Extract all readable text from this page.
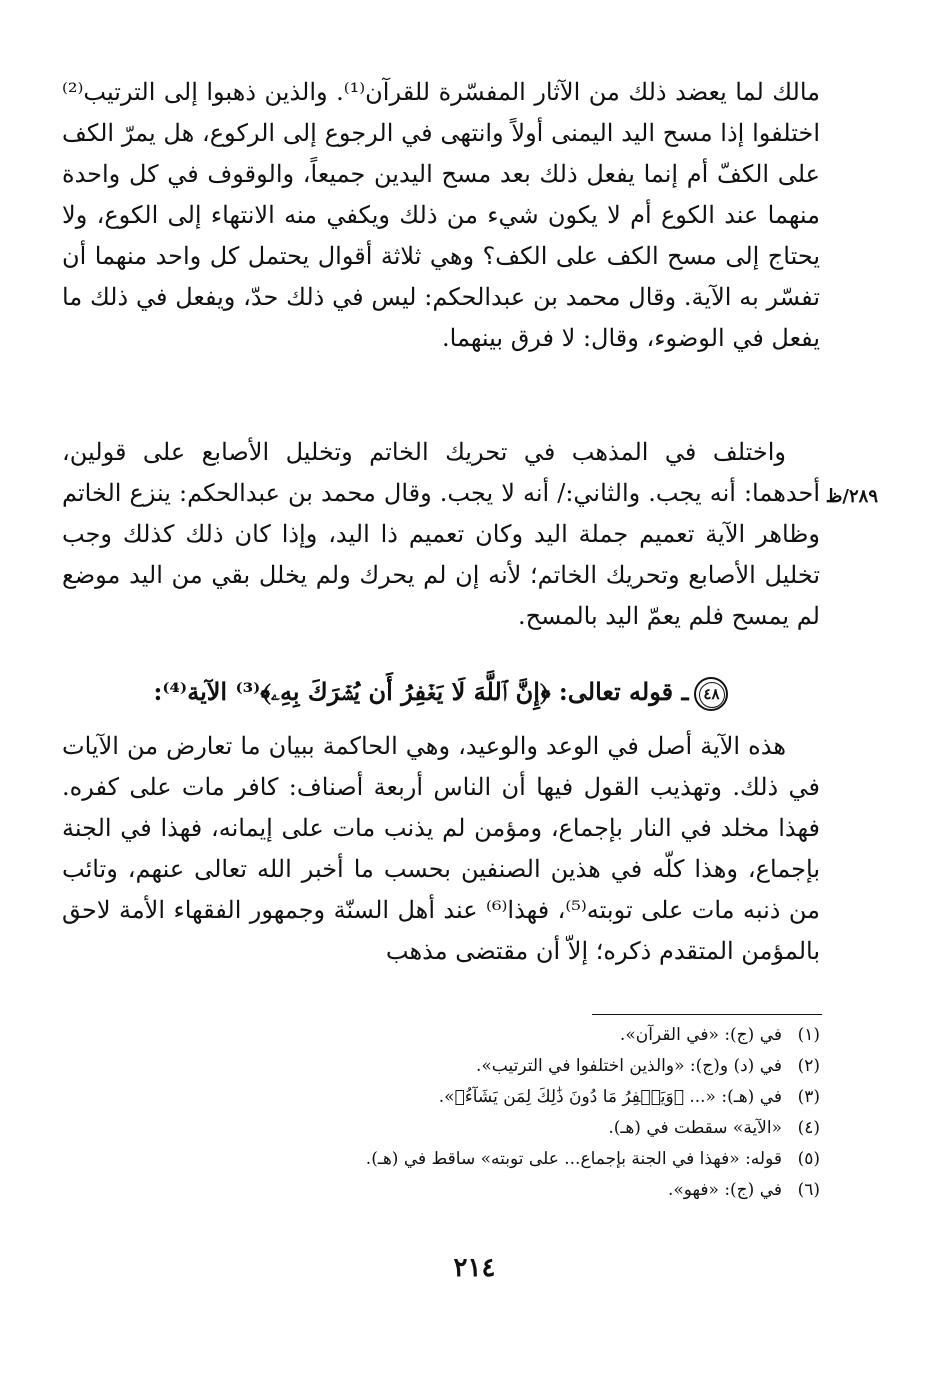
مالك لما يعضد ذلك من الآثار المفسّرة للقرآن⁽¹⁾. والذين ذهبوا إلى الترتيب⁽²⁾ اختلفوا إذا مسح اليد اليمنى أولاً وانتهى في الرجوع إلى الركوع، هل يمرّ الكف على الكفّ أم إنما يفعل ذلك بعد مسح اليدين جميعاً، والوقوف في كل واحدة منهما عند الكوع أم لا يكون شيء من ذلك ويكفي منه الانتهاء إلى الكوع، ولا يحتاج إلى مسح الكف على الكف؟ وهي ثلاثة أقوال يحتمل كل واحد منهما أن تفسّر به الآية. وقال محمد بن عبدالحكم: ليس في ذلك حدّ، ويفعل في ذلك ما يفعل في الوضوء، وقال: لا فرق بينهما.

٢٨٩/ظ

واختلف في المذهب في تحريك الخاتم وتخليل الأصابع على قولين، أحدهما: أنه يجب. والثاني:/ أنه لا يجب. وقال محمد بن عبدالحكم: ينزع الخاتم وظاهر الآية تعميم جملة اليد وكان تعميم ذا اليد، وإذا كان ذلك كذلك وجب تخليل الأصابع وتحريك الخاتم؛ لأنه إن لم يحرك ولم يخلل بقي من اليد موضع لم يمسح فلم يعمّ اليد بالمسح.

٤٨ـ قوله تعالى: ﴿إِنَّ ٱللَّهَ لَا يَغۡفِرُ أَن يُشۡرَكَ بِهِۦ﴾⁽³⁾ الآية⁽⁴⁾:

هذه الآية أصل في الوعد والوعيد، وهي الحاكمة ببيان ما تعارض من الآيات في ذلك. وتهذيب القول فيها أن الناس أربعة أصناف: كافر مات على كفره. فهذا مخلد في النار بإجماع، ومؤمن لم يذنب مات على إيمانه، فهذا في الجنة بإجماع، وهذا كلّه في هذين الصنفين بحسب ما أخبر الله تعالى عنهم، وتائب من ذنبه مات على توبته⁽⁵⁾، فهذا⁽⁶⁾ عند أهل السنّة وجمهور الفقهاء الأمة لاحق بالمؤمن المتقدم ذكره؛ إلاّ أن مقتضى مذهب

(١)في (ج): «في القرآن».
(٢)في (د) و(ج): «والذين اختلفوا في الترتيب».
(٣)في (هـ): «... ﴿وَيَغۡفِرُ مَا دُونَ ذَٰلِكَ لِمَن يَشَآءُ﴾».
(٤)«الآية» سقطت في (هـ).
(٥)قوله: «فهذا في الجنة بإجماع... على توبته» ساقط في (هـ).
(٦)في (ج): «فهو».
٢١٤
